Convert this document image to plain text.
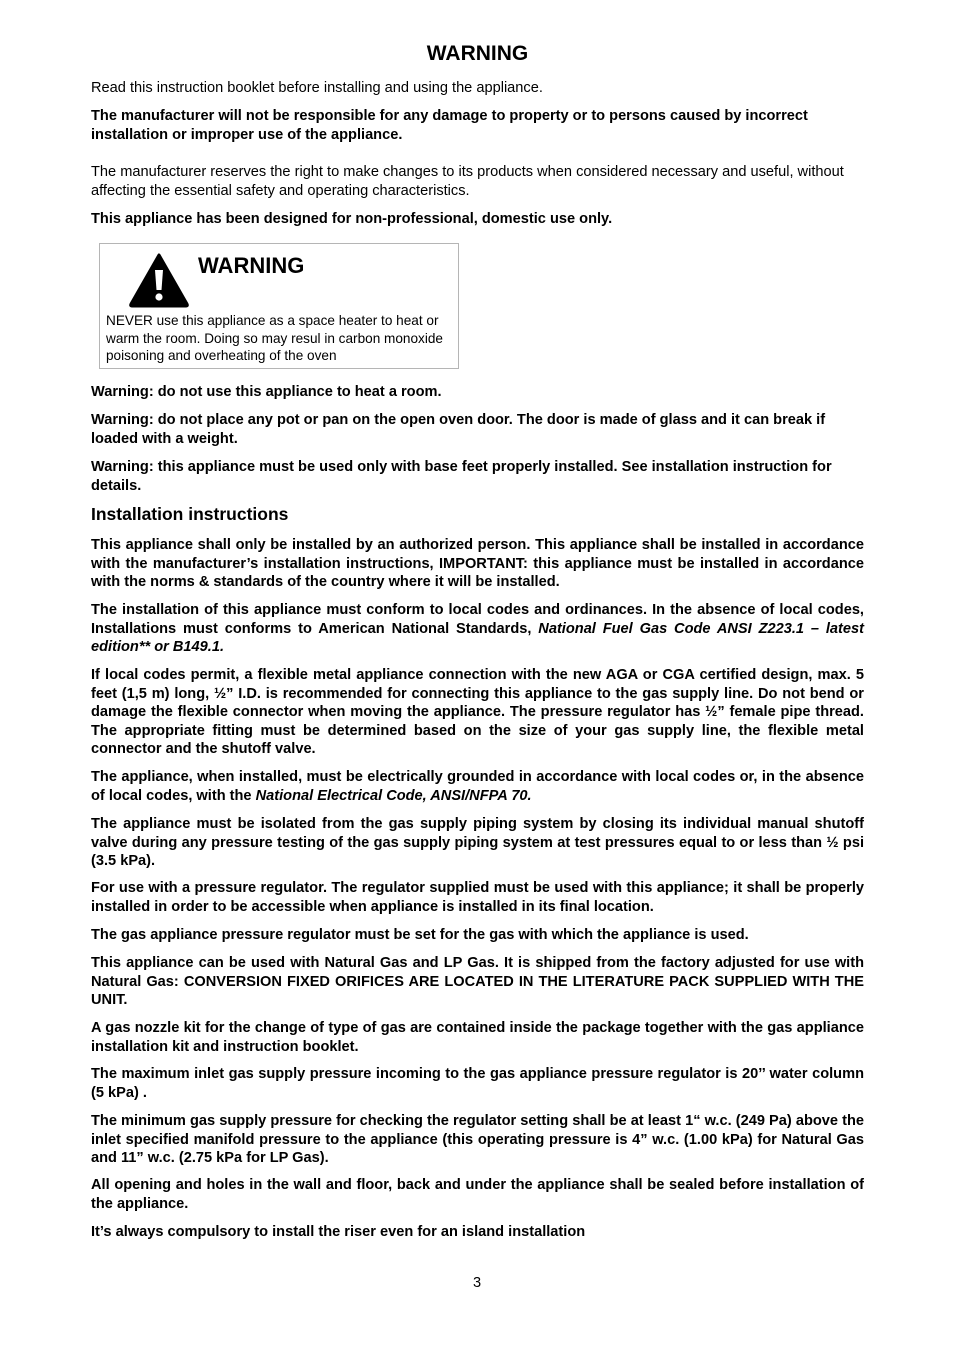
WARNING

Read this instruction booklet before installing and using the appliance.

The manufacturer will not be responsible for any damage to property or to persons caused by incorrect installation or improper use of the appliance.

The manufacturer reserves the right to make changes to its products when considered necessary and useful, without affecting the essential safety and operating characteristics.

This appliance has been designed for non-professional, domestic use only.

WARNING

NEVER use this appliance as a space heater to heat or warm the room. Doing so may resul in carbon monoxide poisoning and overheating of the oven

Warning: do not use this appliance to heat a room.

Warning: do not place any pot or pan on the open oven door. The door is made of glass and it can break if loaded with a weight.

Warning: this appliance must be used only with base feet properly installed. See installation instruction for details.

Installation instructions

This appliance shall only be installed by an authorized person. This appliance shall be installed in accordance with the manufacturer’s installation instructions, IMPORTANT: this appliance must be installed in accordance with the norms & standards of the country where it will be installed.

The installation of this appliance must conform to local codes and ordinances. In the absence of local codes, Installations must conforms to American National Standards, National Fuel Gas Code ANSI Z223.1 – latest edition** or B149.1.

If local codes permit, a flexible metal appliance connection with the new AGA or CGA certified design, max. 5 feet (1,5 m) long, ½” I.D. is recommended for connecting this appliance to the gas supply line. Do not bend or damage the flexible connector when moving the appliance. The pressure regulator has ½” female pipe thread. The appropriate fitting must be determined based on the size of your gas supply line, the flexible metal connector and the shutoff valve.

The appliance, when installed, must be electrically grounded in accordance with local codes or, in the absence of local codes, with the National Electrical Code, ANSI/NFPA 70.

The appliance must be isolated from the gas supply piping system by closing its individual manual shutoff valve during any pressure testing of the gas supply piping system at test pressures equal to or less than ½ psi (3.5 kPa).

For use with a pressure regulator. The regulator supplied must be used with this appliance; it shall be properly installed in order to be accessible when appliance is installed in its final location.

The gas appliance pressure regulator must be set for the gas with which the appliance is used.

This appliance can be used with Natural Gas and LP Gas. It is shipped from the factory adjusted for use with Natural Gas: CONVERSION FIXED ORIFICES ARE LOCATED IN THE LITERATURE PACK SUPPLIED WITH THE UNIT.

A gas nozzle kit for the change of type of gas are contained inside the package together with the gas appliance installation kit and instruction booklet.

The maximum inlet gas supply pressure incoming to the gas appliance pressure regulator is 20’’ water column (5 kPa) .

The minimum gas supply pressure for checking the regulator setting shall be at least 1“ w.c. (249 Pa) above the inlet specified manifold pressure to the appliance (this operating pressure is 4” w.c. (1.00 kPa) for Natural Gas and 11” w.c. (2.75 kPa for LP Gas).

All opening and holes in the wall and floor, back and under the appliance shall be sealed before installation of the appliance.

It’s always compulsory to install the riser even for an island installation

3
